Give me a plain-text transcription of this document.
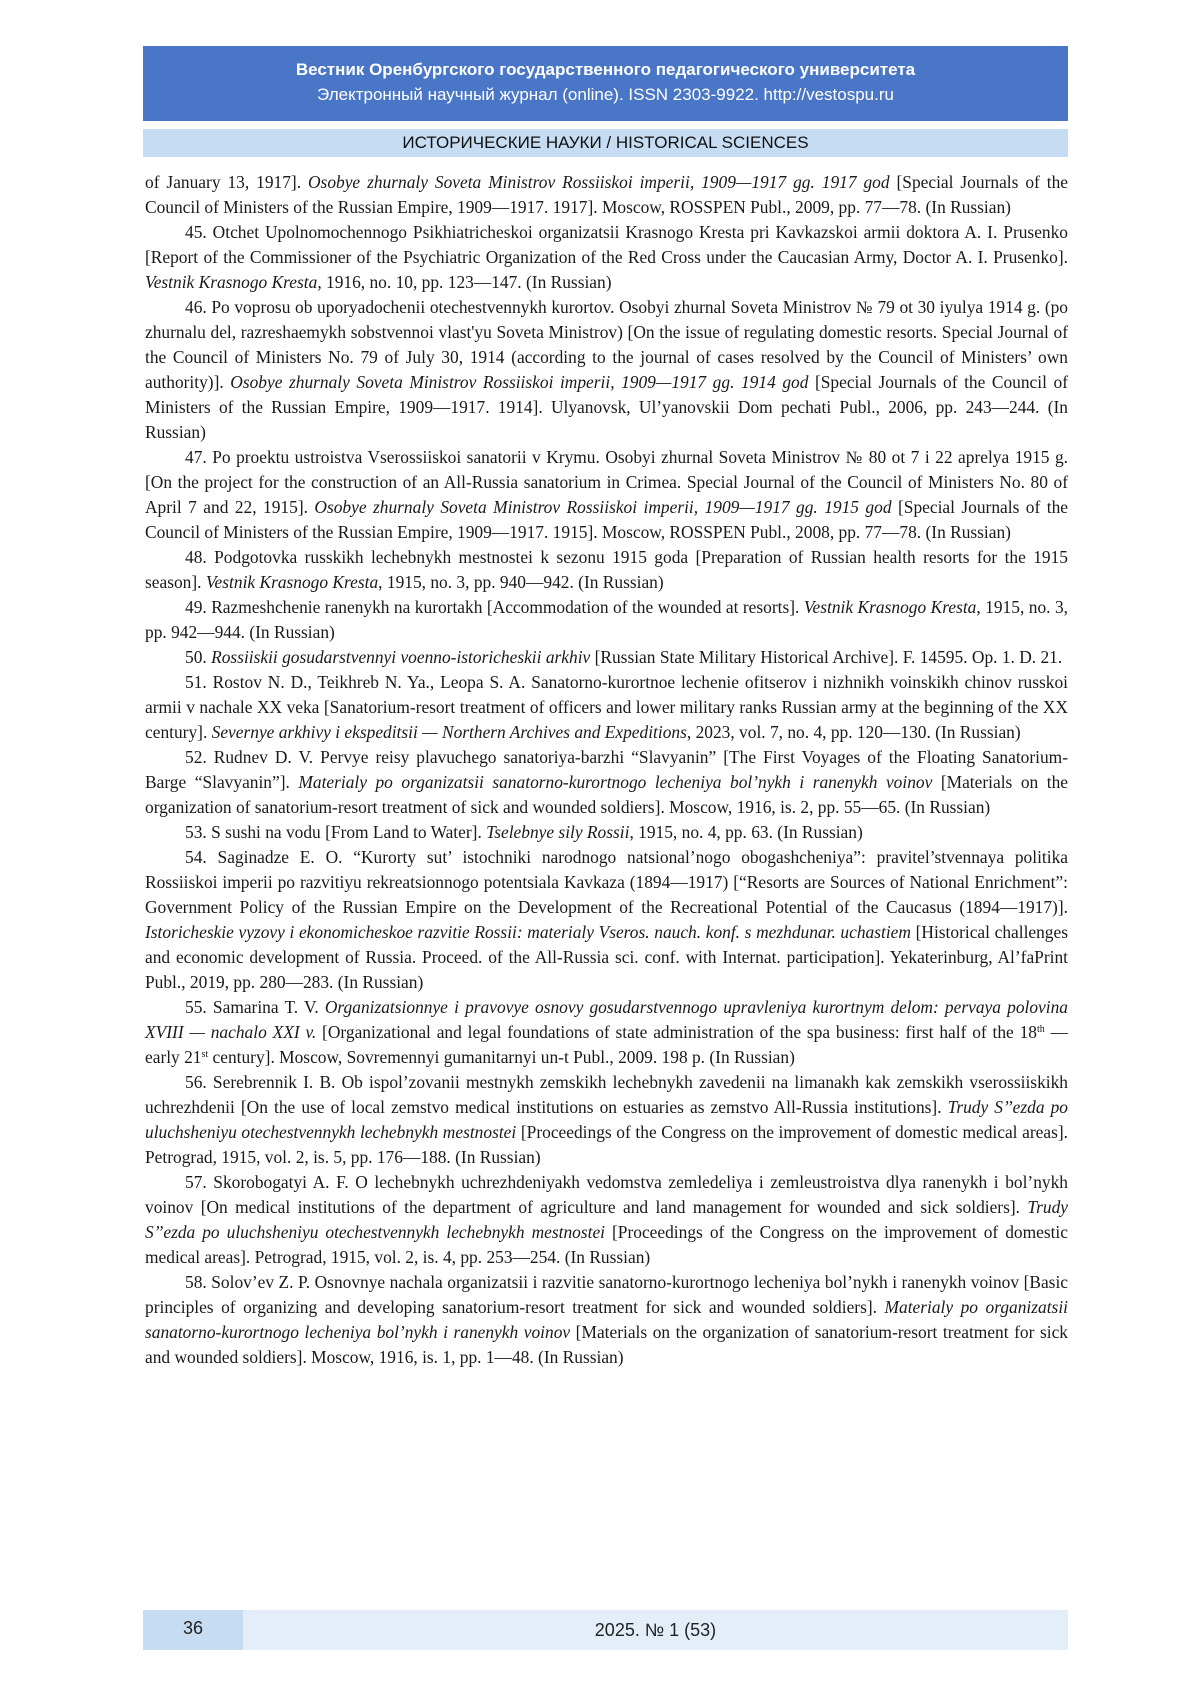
Вестник Оренбургского государственного педагогического университета
Электронный научный журнал (online). ISSN 2303-9922. http://vestospu.ru
ИСТОРИЧЕСКИЕ НАУКИ / HISTORICAL SCIENCES

of January 13, 1917]. Osobye zhurnaly Soveta Ministrov Rossiiskoi imperii, 1909—1917 gg. 1917 god [Special Journals of the Council of Ministers of the Russian Empire, 1909—1917. 1917]. Moscow, ROSSPEN Publ., 2009, pp. 77—78. (In Russian)

45. Otchet Upolnomochennogo Psikhiatricheskoi organizatsii Krasnogo Kresta pri Kavkazskoi armii doktora A. I. Prusenko [Report of the Commissioner of the Psychiatric Organization of the Red Cross under the Caucasian Army, Doctor A. I. Prusenko]. Vestnik Krasnogo Kresta, 1916, no. 10, pp. 123—147. (In Russian)

46. Po voprosu ob uporyadochenii otechestvennykh kurortov. Osobyi zhurnal Soveta Ministrov № 79 ot 30 iyulya 1914 g. (po zhurnalu del, razreshaemykh sobstvennoi vlast'yu Soveta Ministrov) [On the issue of regulating domestic resorts. Special Journal of the Council of Ministers No. 79 of July 30, 1914 (according to the journal of cases resolved by the Council of Ministers’ own authority)]. Osobye zhurnaly Soveta Ministrov Rossiiskoi imperii, 1909—1917 gg. 1914 god [Special Journals of the Council of Ministers of the Russian Empire, 1909—1917. 1914]. Ulyanovsk, Ul’yanovskii Dom pechati Publ., 2006, pp. 243—244. (In Russian)

47. Po proektu ustroistva Vserossiiskoi sanatorii v Krymu. Osobyi zhurnal Soveta Ministrov № 80 ot 7 i 22 aprelya 1915 g. [On the project for the construction of an All-Russia sanatorium in Crimea. Special Journal of the Council of Ministers No. 80 of April 7 and 22, 1915]. Osobye zhurnaly Soveta Ministrov Rossiiskoi imperii, 1909—1917 gg. 1915 god [Special Journals of the Council of Ministers of the Russian Empire, 1909—1917. 1915]. Moscow, ROSSPEN Publ., 2008, pp. 77—78. (In Russian)

48. Podgotovka russkikh lechebnykh mestnostei k sezonu 1915 goda [Preparation of Russian health resorts for the 1915 season]. Vestnik Krasnogo Kresta, 1915, no. 3, pp. 940—942. (In Russian)

49. Razmeshchenie ranenykh na kurortakh [Accommodation of the wounded at resorts]. Vestnik Krasnogo Kresta, 1915, no. 3, pp. 942—944. (In Russian)

50. Rossiiskii gosudarstvennyi voenno-istoricheskii arkhiv [Russian State Military Historical Archive]. F. 14595. Op. 1. D. 21.

51. Rostov N. D., Teikhreb N. Ya., Leopa S. A. Sanatorno-kurortnoe lechenie ofitserov i nizhnikh voinskikh chinov russkoi armii v nachale XX veka [Sanatorium-resort treatment of officers and lower military ranks Russian army at the beginning of the XX century]. Severnye arkhivy i ekspeditsii — Northern Archives and Expeditions, 2023, vol. 7, no. 4, pp. 120—130. (In Russian)

52. Rudnev D. V. Pervye reisy plavuchego sanatoriya-barzhi “Slavyanin” [The First Voyages of the Floating Sanatorium-Barge “Slavyanin”]. Materialy po organizatsii sanatorno-kurortnogo lecheniya bol’nykh i ranenykh voinov [Materials on the organization of sanatorium-resort treatment of sick and wounded soldiers]. Moscow, 1916, is. 2, pp. 55—65. (In Russian)

53. S sushi na vodu [From Land to Water]. Tselebnye sily Rossii, 1915, no. 4, pp. 63. (In Russian)

54. Saginadze E. O. “Kurorty sut’ istochniki narodnogo natsional’nogo obogashcheniya”: pravitel’stvennaya politika Rossiiskoi imperii po razvitiyu rekreatsionnogo potentsiala Kavkaza (1894—1917) [“Resorts are Sources of National Enrichment”: Government Policy of the Russian Empire on the Development of the Recreational Potential of the Caucasus (1894—1917)]. Istoricheskie vyzovy i ekonomicheskoe razvitie Rossii: materialy Vseros. nauch. konf. s mezhdunar. uchastiem [Historical challenges and economic development of Russia. Proceed. of the All-Russia sci. conf. with Internat. participation]. Yekaterinburg, Al’faPrint Publ., 2019, pp. 280—283. (In Russian)

55. Samarina T. V. Organizatsionnye i pravovye osnovy gosudarstvennogo upravleniya kurortnym delom: pervaya polovina XVIII — nachalo XXI v. [Organizational and legal foundations of state administration of the spa business: first half of the 18th — early 21st century]. Moscow, Sovremennyi gumanitarnyi un-t Publ., 2009. 198 p. (In Russian)

56. Serebrennik I. B. Ob ispol’zovanii mestnykh zemskikh lechebnykh zavedenii na limanakh kak zemskikh vserossiiskikh uchrezhdenii [On the use of local zemstvo medical institutions on estuaries as zemstvo All-Russia institutions]. Trudy S’’ezda po uluchsheniyu otechestvennykh lechebnykh mestnostei [Proceedings of the Congress on the improvement of domestic medical areas]. Petrograd, 1915, vol. 2, is. 5, pp. 176—188. (In Russian)

57. Skorobogatyi A. F. O lechebnykh uchrezhdeniyakh vedomstva zemledeliya i zemleustroistva dlya ranenykh i bol’nykh voinov [On medical institutions of the department of agriculture and land management for wounded and sick soldiers]. Trudy S’’ezda po uluchsheniyu otechestvennykh lechebnykh mestnostei [Proceedings of the Congress on the improvement of domestic medical areas]. Petrograd, 1915, vol. 2, is. 4, pp. 253—254. (In Russian)

58. Solov’ev Z. P. Osnovnye nachala organizatsii i razvitie sanatorno-kurortnogo lecheniya bol’nykh i ranenykh voinov [Basic principles of organizing and developing sanatorium-resort treatment for sick and wounded soldiers]. Materialy po organizatsii sanatorno-kurortnogo lecheniya bol’nykh i ranenykh voinov [Materials on the organization of sanatorium-resort treatment for sick and wounded soldiers]. Moscow, 1916, is. 1, pp. 1—48. (In Russian)

36	2025. № 1 (53)
